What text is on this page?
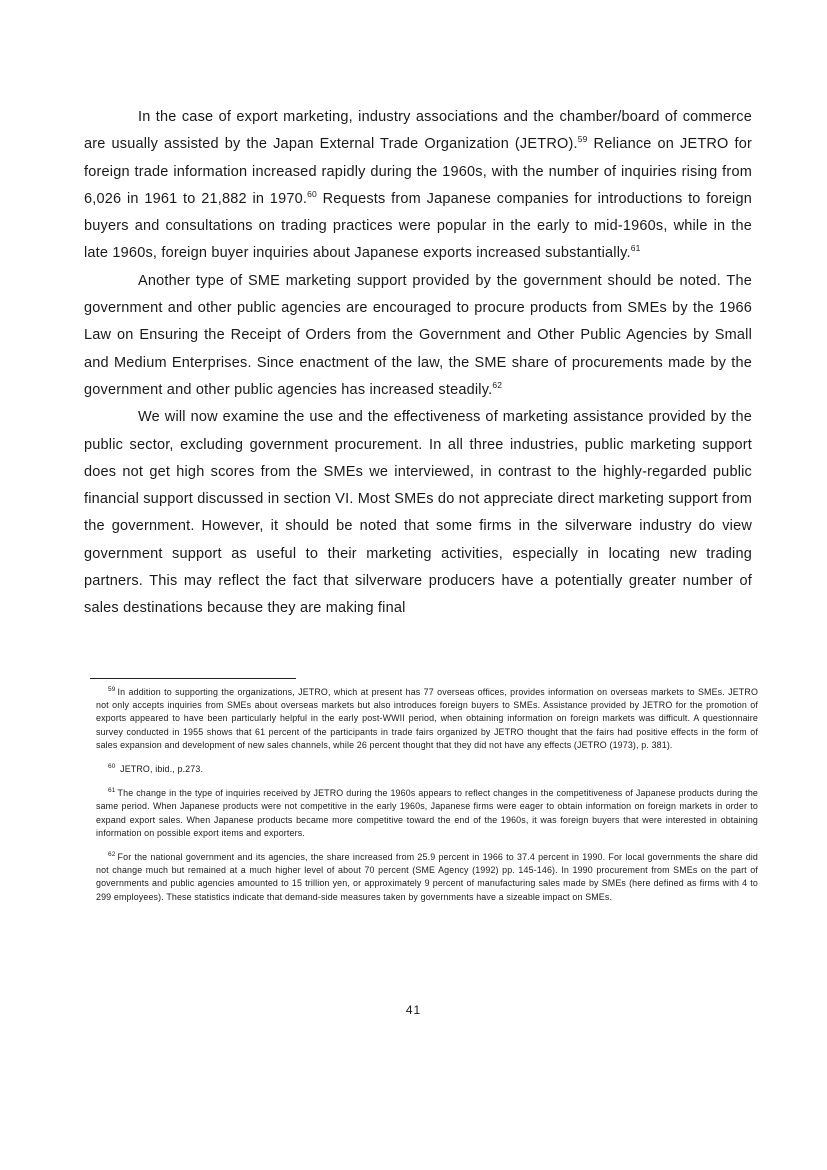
In the case of export marketing, industry associations and the chamber/board of commerce are usually assisted by the Japan External Trade Organization (JETRO).$^{59}$ Reliance on JETRO for foreign trade information increased rapidly during the 1960s, with the number of inquiries rising from 6,026 in 1961 to 21,882 in 1970.60 Requests from Japanese companies for introductions to foreign buyers and consultations on trading practices were popular in the early to mid-1960s, while in the late 1960s, foreign buyer inquiries about Japanese exports increased substantially.$^{61}$

Another type of SME marketing support provided by the government should be noted. The government and other public agencies are encouraged to procure products from SMEs by the 1966 Law on Ensuring the Receipt of Orders from the Government and Other Public Agencies by Small and Medium Enterprises. Since enactment of the law, the SME share of procurements made by the government and other public agencies has increased steadily.$^{62}$

We will now examine the use and the effectiveness of marketing assistance provided by the public sector, excluding government procurement. In all three industries, public marketing support does not get high scores from the SMEs we interviewed, in contrast to the highly-regarded public financial support discussed in section VI. Most SMEs do not appreciate direct marketing support from the government. However, it should be noted that some firms in the silverware industry do view government support as useful to their marketing activities, especially in locating new trading partners. This may reflect the fact that silverware producers have a potentially greater number of sales destinations because they are making final

$^{59}$ In addition to supporting the organizations, JETRO, which at present has 77 overseas offices, provides information on overseas markets to SMEs. JETRO not only accepts inquiries from SMEs about overseas markets but also introduces foreign buyers to SMEs. Assistance provided by JETRO for the promotion of exports appeared to have been particularly helpful in the early post-WWII period, when obtaining information on foreign markets was difficult. A questionnaire survey conducted in 1955 shows that 61 percent of the participants in trade fairs organized by JETRO thought that the fairs had positive effects in the form of sales expansion and development of new sales channels, while 26 percent thought that they did not have any effects (JETRO (1973), p. 381).

$^{60}$ JETRO, ibid., p.273.

$^{61}$ The change in the type of inquiries received by JETRO during the 1960s appears to reflect changes in the competitiveness of Japanese products during the same period. When Japanese products were not competitive in the early 1960s, Japanese firms were eager to obtain information on foreign markets in order to expand export sales. When Japanese products became more competitive toward the end of the 1960s, it was foreign buyers that were interested in obtaining information on possible export items and exporters.

$^{62}$ For the national government and its agencies, the share increased from 25.9 percent in 1966 to 37.4 percent in 1990. For local governments the share did not change much but remained at a much higher level of about 70 percent (SME Agency (1992) pp. 145-146). In 1990 procurement from SMEs on the part of governments and public agencies amounted to 15 trillion yen, or approximately 9 percent of manufacturing sales made by SMEs (here defined as firms with 4 to 299 employees). These statistics indicate that demand-side measures taken by governments have a sizeable impact on SMEs.

41
